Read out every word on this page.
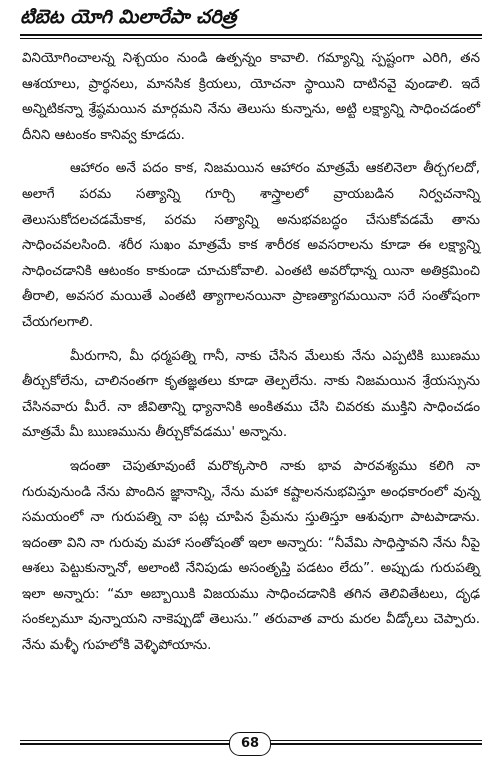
టిబెట యోగి మిలారేపా చరిత్ర

వినియోగించాలన్న నిశ్చయం నుండి ఉత్పన్నం కావాలి. గమ్యాన్ని స్పష్టంగా ఎరిగి, తన ఆశయాలు, ప్రార్థనలు, మానసిక క్రియలు, యోచనా స్థాయిని దాటినవై వుండాలి. ఇదే అన్నిటికన్నా శ్రేష్ఠమయిన మార్గమని నేను తెలుసు కున్నాను, అట్టి లక్ష్యాన్ని సాధించడంలో దీనిని ఆటంకం కానివ్వ కూడదు.

ఆహారం అనే పదం కాక, నిజమయిన ఆహారం మాత్రమే ఆకలినెలా తీర్చగలదో, అలాగే పరమ సత్యాన్ని గూర్చి శాస్త్రాలలో వ్రాయబడిన నిర్వచనాన్ని తెలుసుకోదలచడమేకాక, పరమ సత్యాన్ని అనుభవబద్ధం చేసుకోవడమే తాను సాధించవలసింది. శరీర సుఖం మాత్రమే కాక శారీరక అవసరాలను కూడా ఈ లక్ష్యాన్ని సాధించడానికి ఆటంకం కాకుండా చూచుకోవాలి. ఎంతటి అవరోధాన్న యినా అతిక్రమించి తీరాలి, అవసర మయితే ఎంతటి త్యాగాలనయినా ప్రాణత్యాగమయినా సరే సంతోషంగా చేయగలగాలి.

మీరుగాని, మీ ధర్మపత్ని గానీ, నాకు చేసిన మేలుకు నేను ఎప్పటికి ఋణము తీర్చుకోలేను, చాలినంతగా కృతజ్ఞతలు కూడా తెల్పలేను. నాకు నిజమయిన శ్రేయస్సును చేసినవారు మీరే. నా జీవితాన్ని ధ్యానానికి అంకితము చేసి చివరకు ముక్తిని సాధించడం మాత్రమే మీ ఋణమును తీర్చుకోవడము' అన్నాను.

ఇదంతా చెపుతూవుంటే మరొక్కసారి నాకు భావ పారవశ్యము కలిగి నా గురువునుండి నేను పొందిన జ్ఞానాన్ని, నేను మహా కష్టాలననుభవిస్తూ అంధకారంలో వున్న సమయంలో నా గురుపత్ని నా పట్ల చూపిన ప్రేమను స్తుతిస్తూ ఆశువుగా పాటపాడాను. ఇదంతా విని నా గురువు మహా సంతోషంతో ఇలా అన్నారు: “నీవేమి సాధిస్తావని నేను నీపై ఆశలు పెట్టుకున్నానో, అలాంటి నేనిపుడు అసంతృప్తి పడటం లేదు”. అప్పుడు గురుపత్ని ఇలా అన్నారు: “మా అబ్బాయికి విజయము సాధించడానికి తగిన తెలివితేటలు, దృఢ సంకల్పమూ వున్నాయని నాకెప్పుడో తెలుసు.” తరువాత వారు మరల వీడ్కోలు చెప్పారు. నేను మళ్ళీ గుహలోకి వెళ్ళిపోయాను.

68
